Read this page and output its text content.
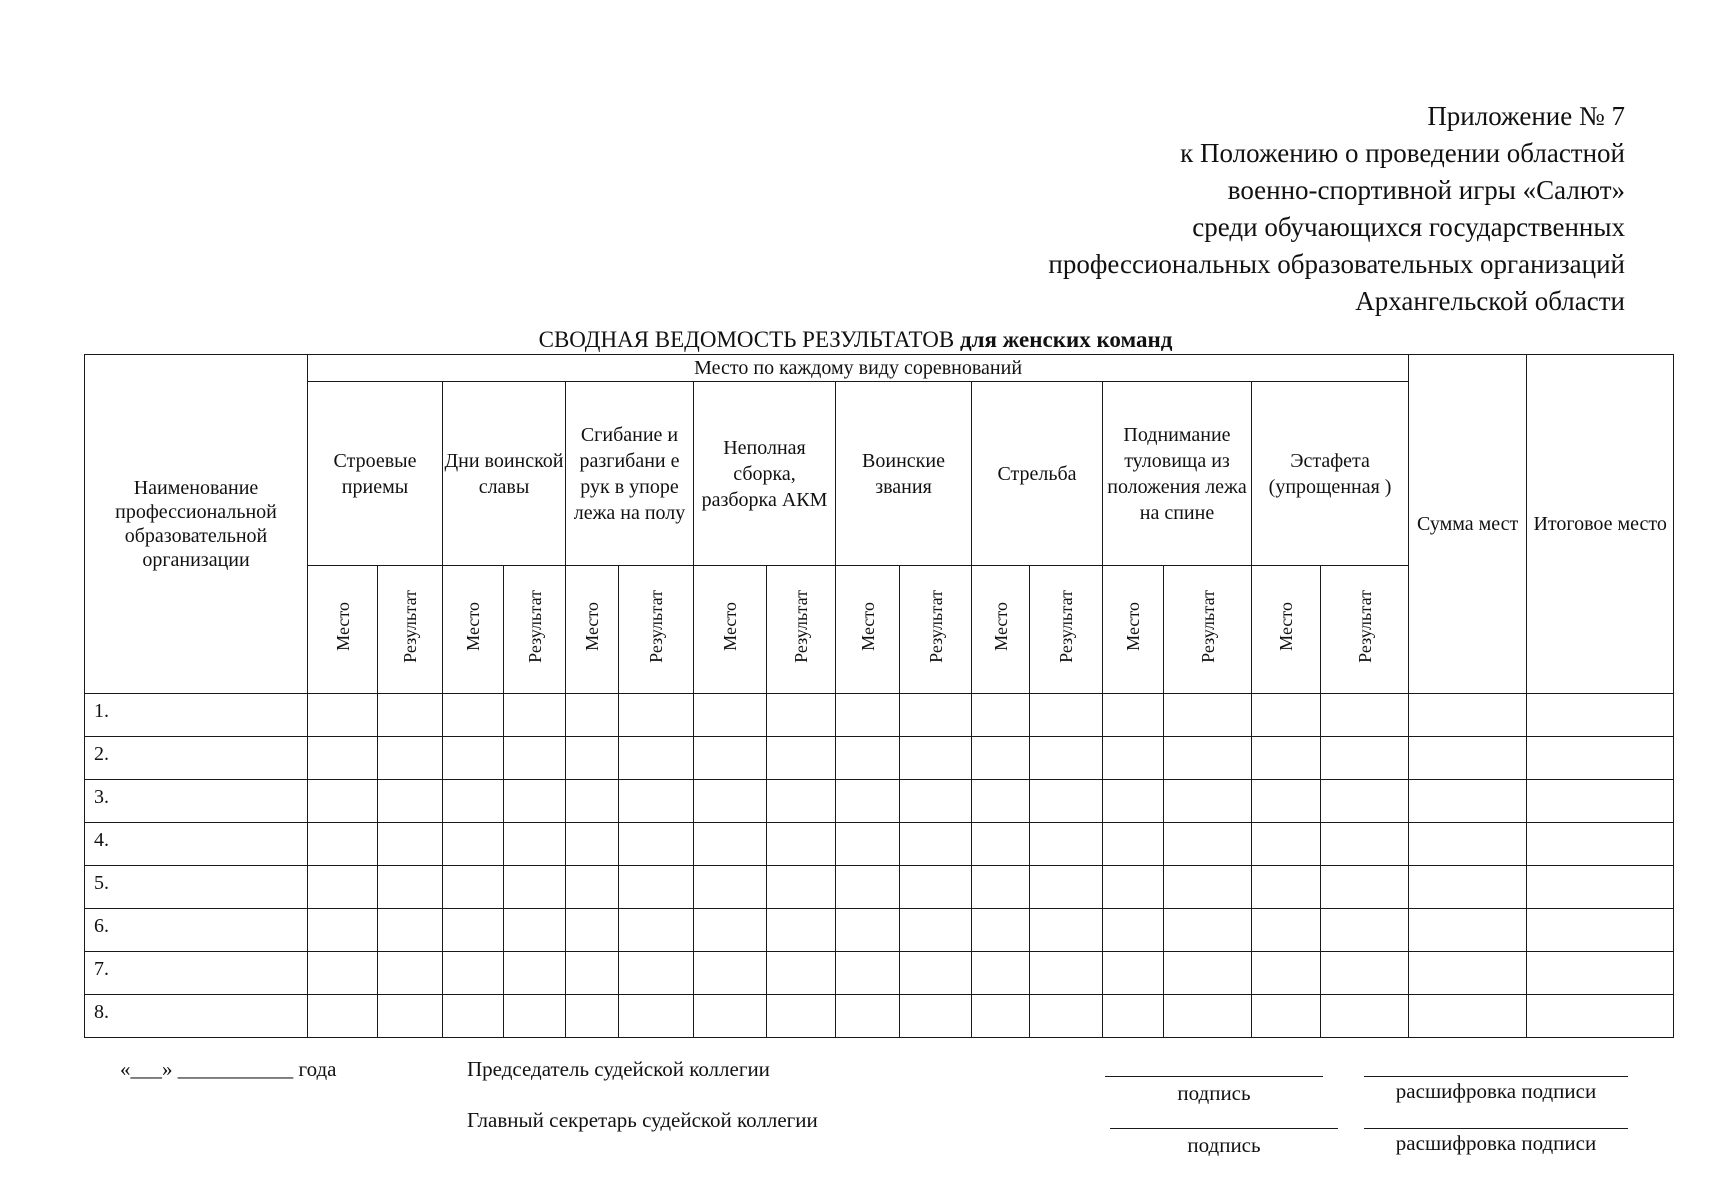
Приложение № 7
к Положению о проведении областной
военно-спортивной игры «Салют»
среди обучающихся государственных
профессиональных образовательных организаций
Архангельской области
СВОДНАЯ ВЕДОМОСТЬ РЕЗУЛЬТАТОВ для женских команд
Наименование профессиональной образовательной организации	Место по каждому виду соревнований																Сумма мест	Итоговое место
	Строевые приемы		Дни воинской славы		Сгибание и разгибани е рук в упоре лежа на полу		Неполная сборка, разборка АКМ		Воинские звания		Стрельба		Поднимание туловища из положения лежа на спине		Эстафета (упрощенная )			
	Место	Результат	Место	Результат	Место	Результат	Место	Результат	Место	Результат	Место	Результат	Место	Результат	Место	Результат		
1.																		
2.																		
3.																		
4.																		
5.																		
6.																		
7.																		
8.																		
«___» ___________ года	Председатель судейской коллегии
Главный секретарь судейской коллегии
подпись	расшифровка подписи
подпись	расшифровка подписи
